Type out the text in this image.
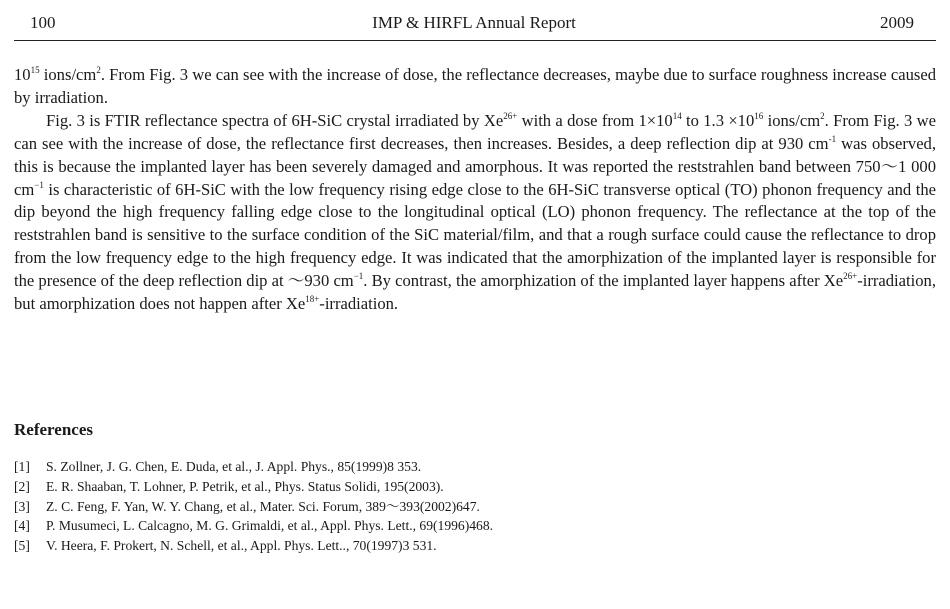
100	IMP & HIRFL Annual Report	2009

$10^{15}$ ions/$cm^2$. From Fig. 3 we can see with the increase of dose, the reflectance decreases, maybe due to surface roughness increase caused by irradiation.

Fig. 3 is FTIR reflectance spectra of 6H-SiC crystal irradiated by $Xe^{26+}$ with a dose from $1\times 10^{14}$ to $1.3 \times 10^{16}$ ions/$cm^2$. From Fig. 3 we can see with the increase of dose, the reflectance first decreases, then increases. Besides, a deep reflection dip at 930 $cm^{-1}$ was observed, this is because the implanted layer has been severely damaged and amorphous. It was reported the reststrahlen band between 750～1 000 $cm^{-1}$ is characteristic of 6H-SiC with the low frequency rising edge close to the 6H-SiC transverse optical (TO) phonon frequency and the dip beyond the high frequency falling edge close to the longitudinal optical (LO) phonon frequency. The reflectance at the top of the reststrahlen band is sensitive to the surface condition of the SiC material/film, and that a rough surface could cause the reflectance to drop from the low frequency edge to the high frequency edge. It was indicated that the amorphization of the implanted layer is responsible for the presence of the deep reflection dip at ～930 $cm^{-1}$. By contrast, the amorphization of the implanted layer happens after $Xe^{26+}$-irradiation, but amorphization does not happen after $Xe^{18+}$-irradiation.

References
[1] S. Zollner, J. G. Chen, E. Duda, et al., J. Appl. Phys., 85(1999)8 353.
[2] E. R. Shaaban, T. Lohner, P. Petrik, et al., Phys. Status Solidi, 195(2003).
[3] Z. C. Feng, F. Yan, W. Y. Chang, et al., Mater. Sci. Forum, 389～393(2002)647.
[4] P. Musumeci, L. Calcagno, M. G. Grimaldi, et al., Appl. Phys. Lett., 69(1996)468.
[5] V. Heera, F. Prokert, N. Schell, et al., Appl. Phys. Lett.., 70(1997)3 531.
